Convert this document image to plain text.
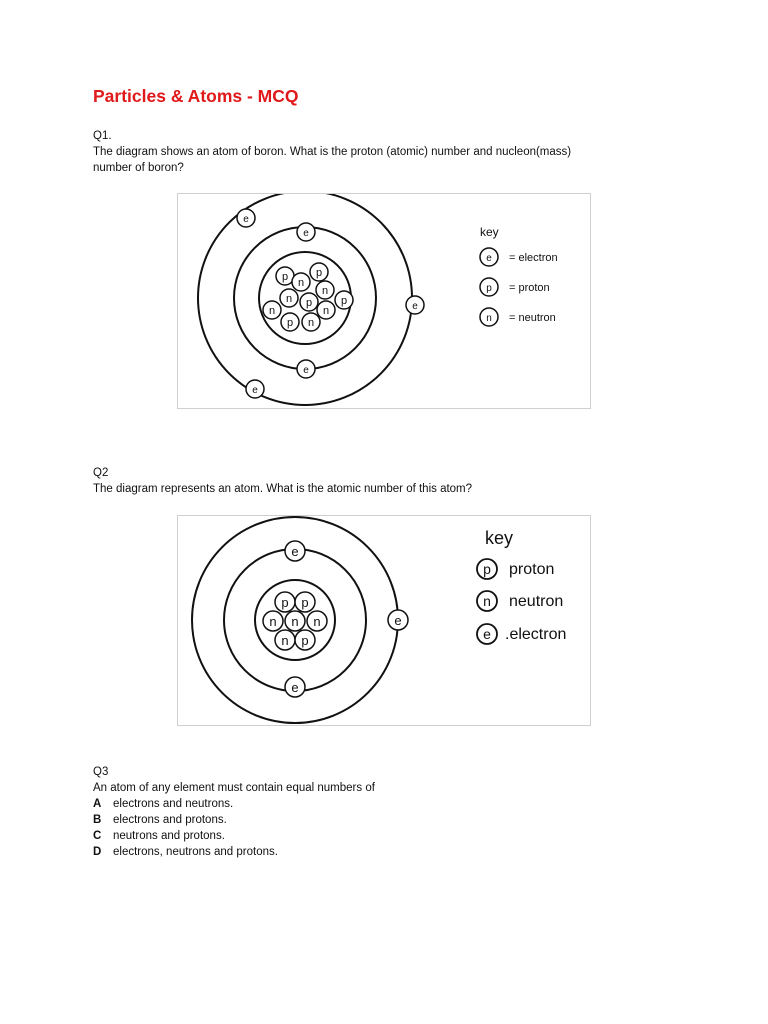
Particles & Atoms - MCQ
Q1.
The diagram shows an atom of boron. What is the proton (atomic) number and nucleon(mass)
number of boron?
p n
p
n
n p	p
n
n
p n
e
e
e
e
e
key
e
p
n
= electron
= proton
= neutron
Q2
The diagram represents an atom. What is the atomic number of this atom?
p p
n n n
n p
e
e
e
key
p
n
e
proton
neutron
.electron
Q3
An atom of any element must contain equal numbers of
A electrons and neutrons.
B electrons and protons.
C neutrons and protons.
D electrons, neutrons and protons.
